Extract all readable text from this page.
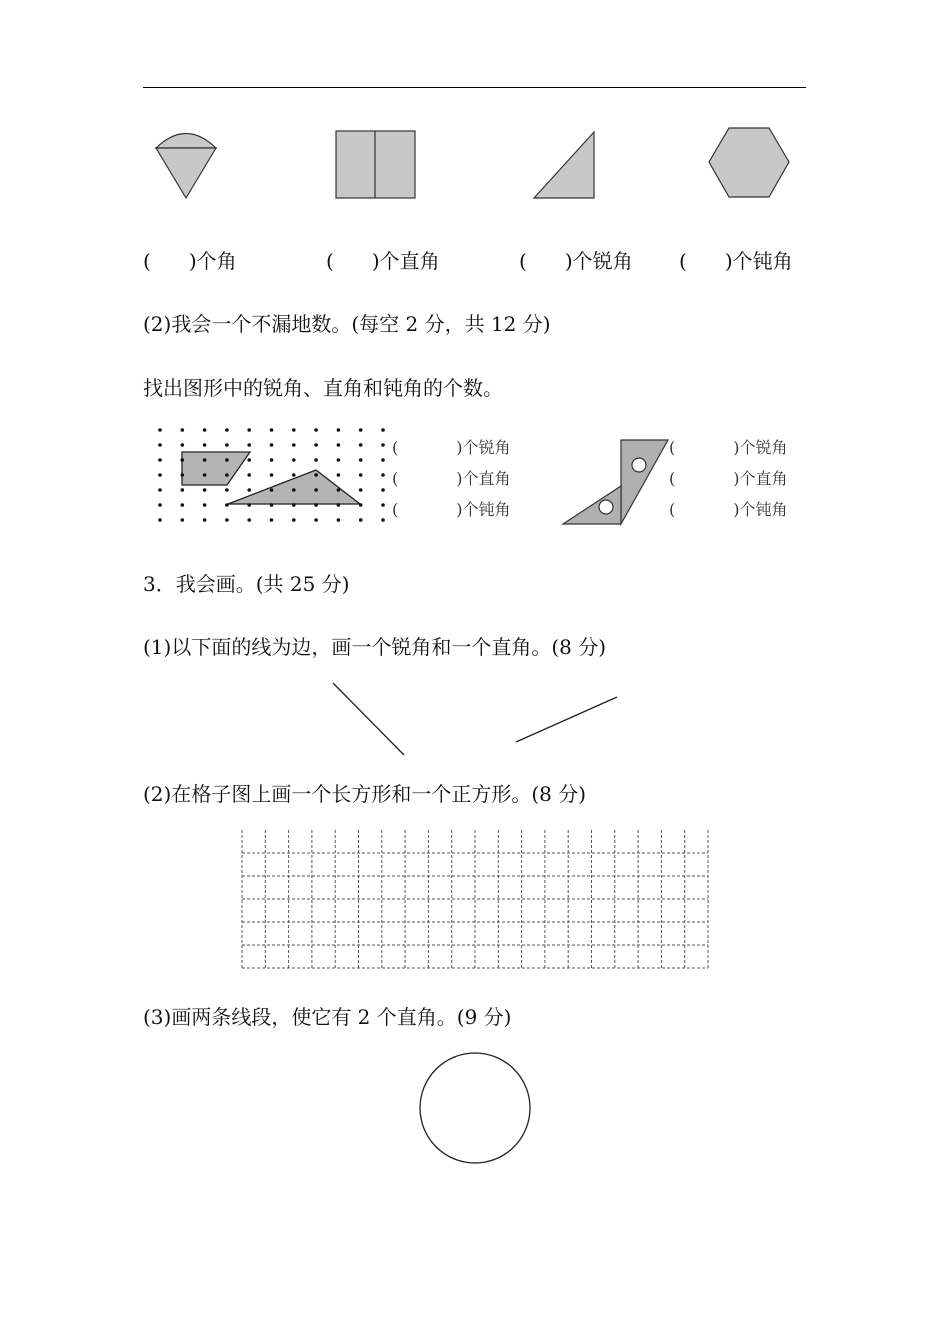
( )个角	( )个直角	( )个锐角 ( )个钝角
(2)我会一个不漏地数。(每空 2 分，共 12 分)
找出图形中的锐角、直角和钝角的个数。
(	)个锐角
(	)个直角
(	)个钝角
(	)个锐角
(	)个直角
(	)个钝角
3．我会画。(共 25 分)
(1)以下面的线为边，画一个锐角和一个直角。(8 分)
(2)在格子图上画一个长方形和一个正方形。(8 分)
(3)画两条线段，使它有 2 个直角。(9 分)
